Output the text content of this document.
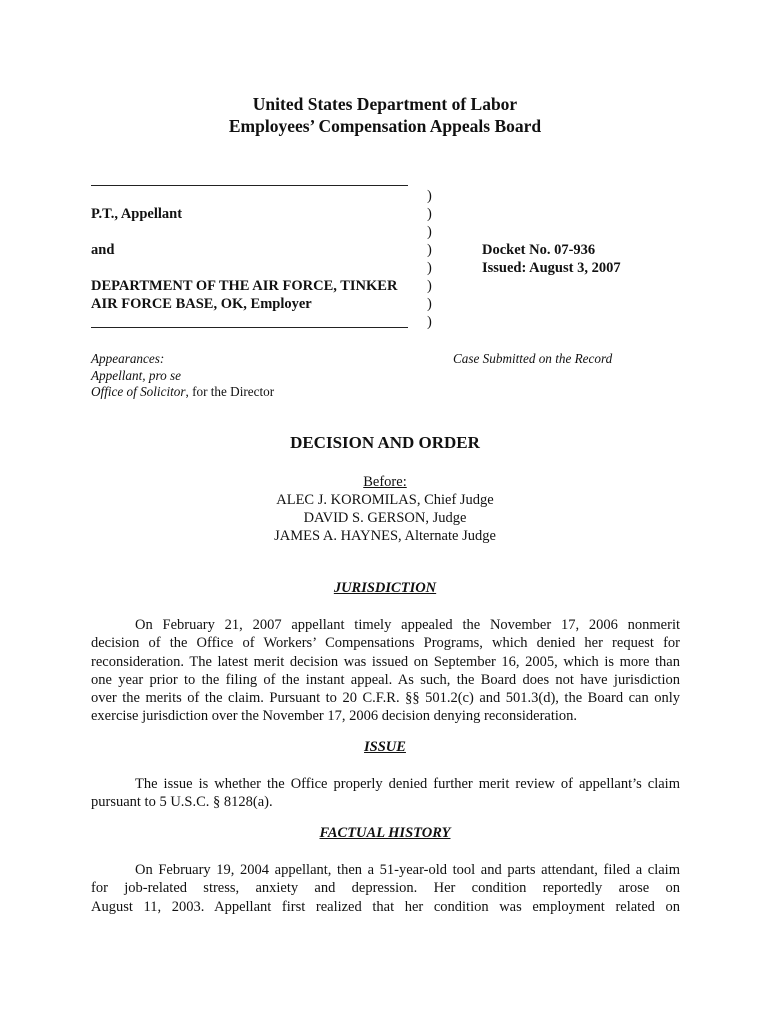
United States Department of Labor
Employees’ Compensation Appeals Board
P.T., Appellant
and
DEPARTMENT OF THE AIR FORCE, TINKER
AIR FORCE BASE, OK, Employer
)
)
)
)
)
)
)
)
Docket No. 07-936
Issued: August 3, 2007
Appearances:
Appellant, pro se
Office of Solicitor, for the Director
Case Submitted on the Record
DECISION AND ORDER
Before:
ALEC J. KOROMILAS, Chief Judge
DAVID S. GERSON, Judge
JAMES A. HAYNES, Alternate Judge
JURISDICTION
On February 21, 2007 appellant timely appealed the November 17, 2006 nonmerit
decision of the Office of Workers’ Compensations Programs, which denied her request for
reconsideration. The latest merit decision was issued on September 16, 2005, which is more than
one year prior to the filing of the instant appeal. As such, the Board does not have jurisdiction
over the merits of the claim. Pursuant to 20 C.F.R. §§ 501.2(c) and 501.3(d), the Board can only
exercise jurisdiction over the November 17, 2006 decision denying reconsideration.
ISSUE
The issue is whether the Office properly denied further merit review of appellant’s claim
pursuant to 5 U.S.C. § 8128(a).
FACTUAL HISTORY
On February 19, 2004 appellant, then a 51-year-old tool and parts attendant, filed a claim
for job-related stress, anxiety and depression. Her condition reportedly arose on
August 11, 2003. Appellant first realized that her condition was employment related on
